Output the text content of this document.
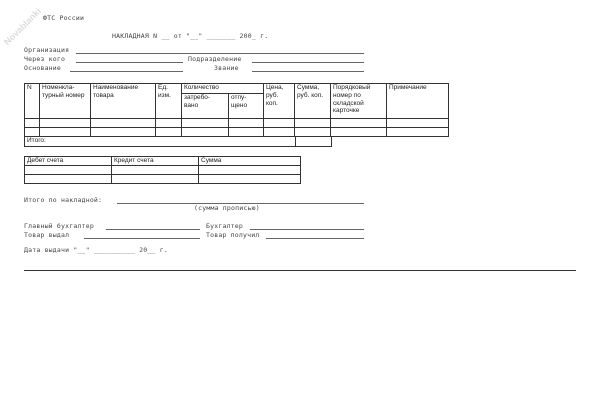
Novablanki ФТС России
НАКЛАДНАЯ N __ от "__" _______ 200_ г.
Организация
Через кого	Подразделение
Основание	Звание
N	Номенкла- турный номер	Наименование товара	Ед. изм.	Количество		Цена, руб. коп.	Сумма, руб. коп.	Порядковый номер по складской карточке	Примечание
				затребо- вано	отпу- щено				

Итого:	
Дебет счета	Кредит счета	Сумма

Итого по накладной:
(сумма прописью)
Главный бухгалтер	Бухгалтер
Товар выдал	Товар получил
Дата выдачи "__" __________ 20__ г.
